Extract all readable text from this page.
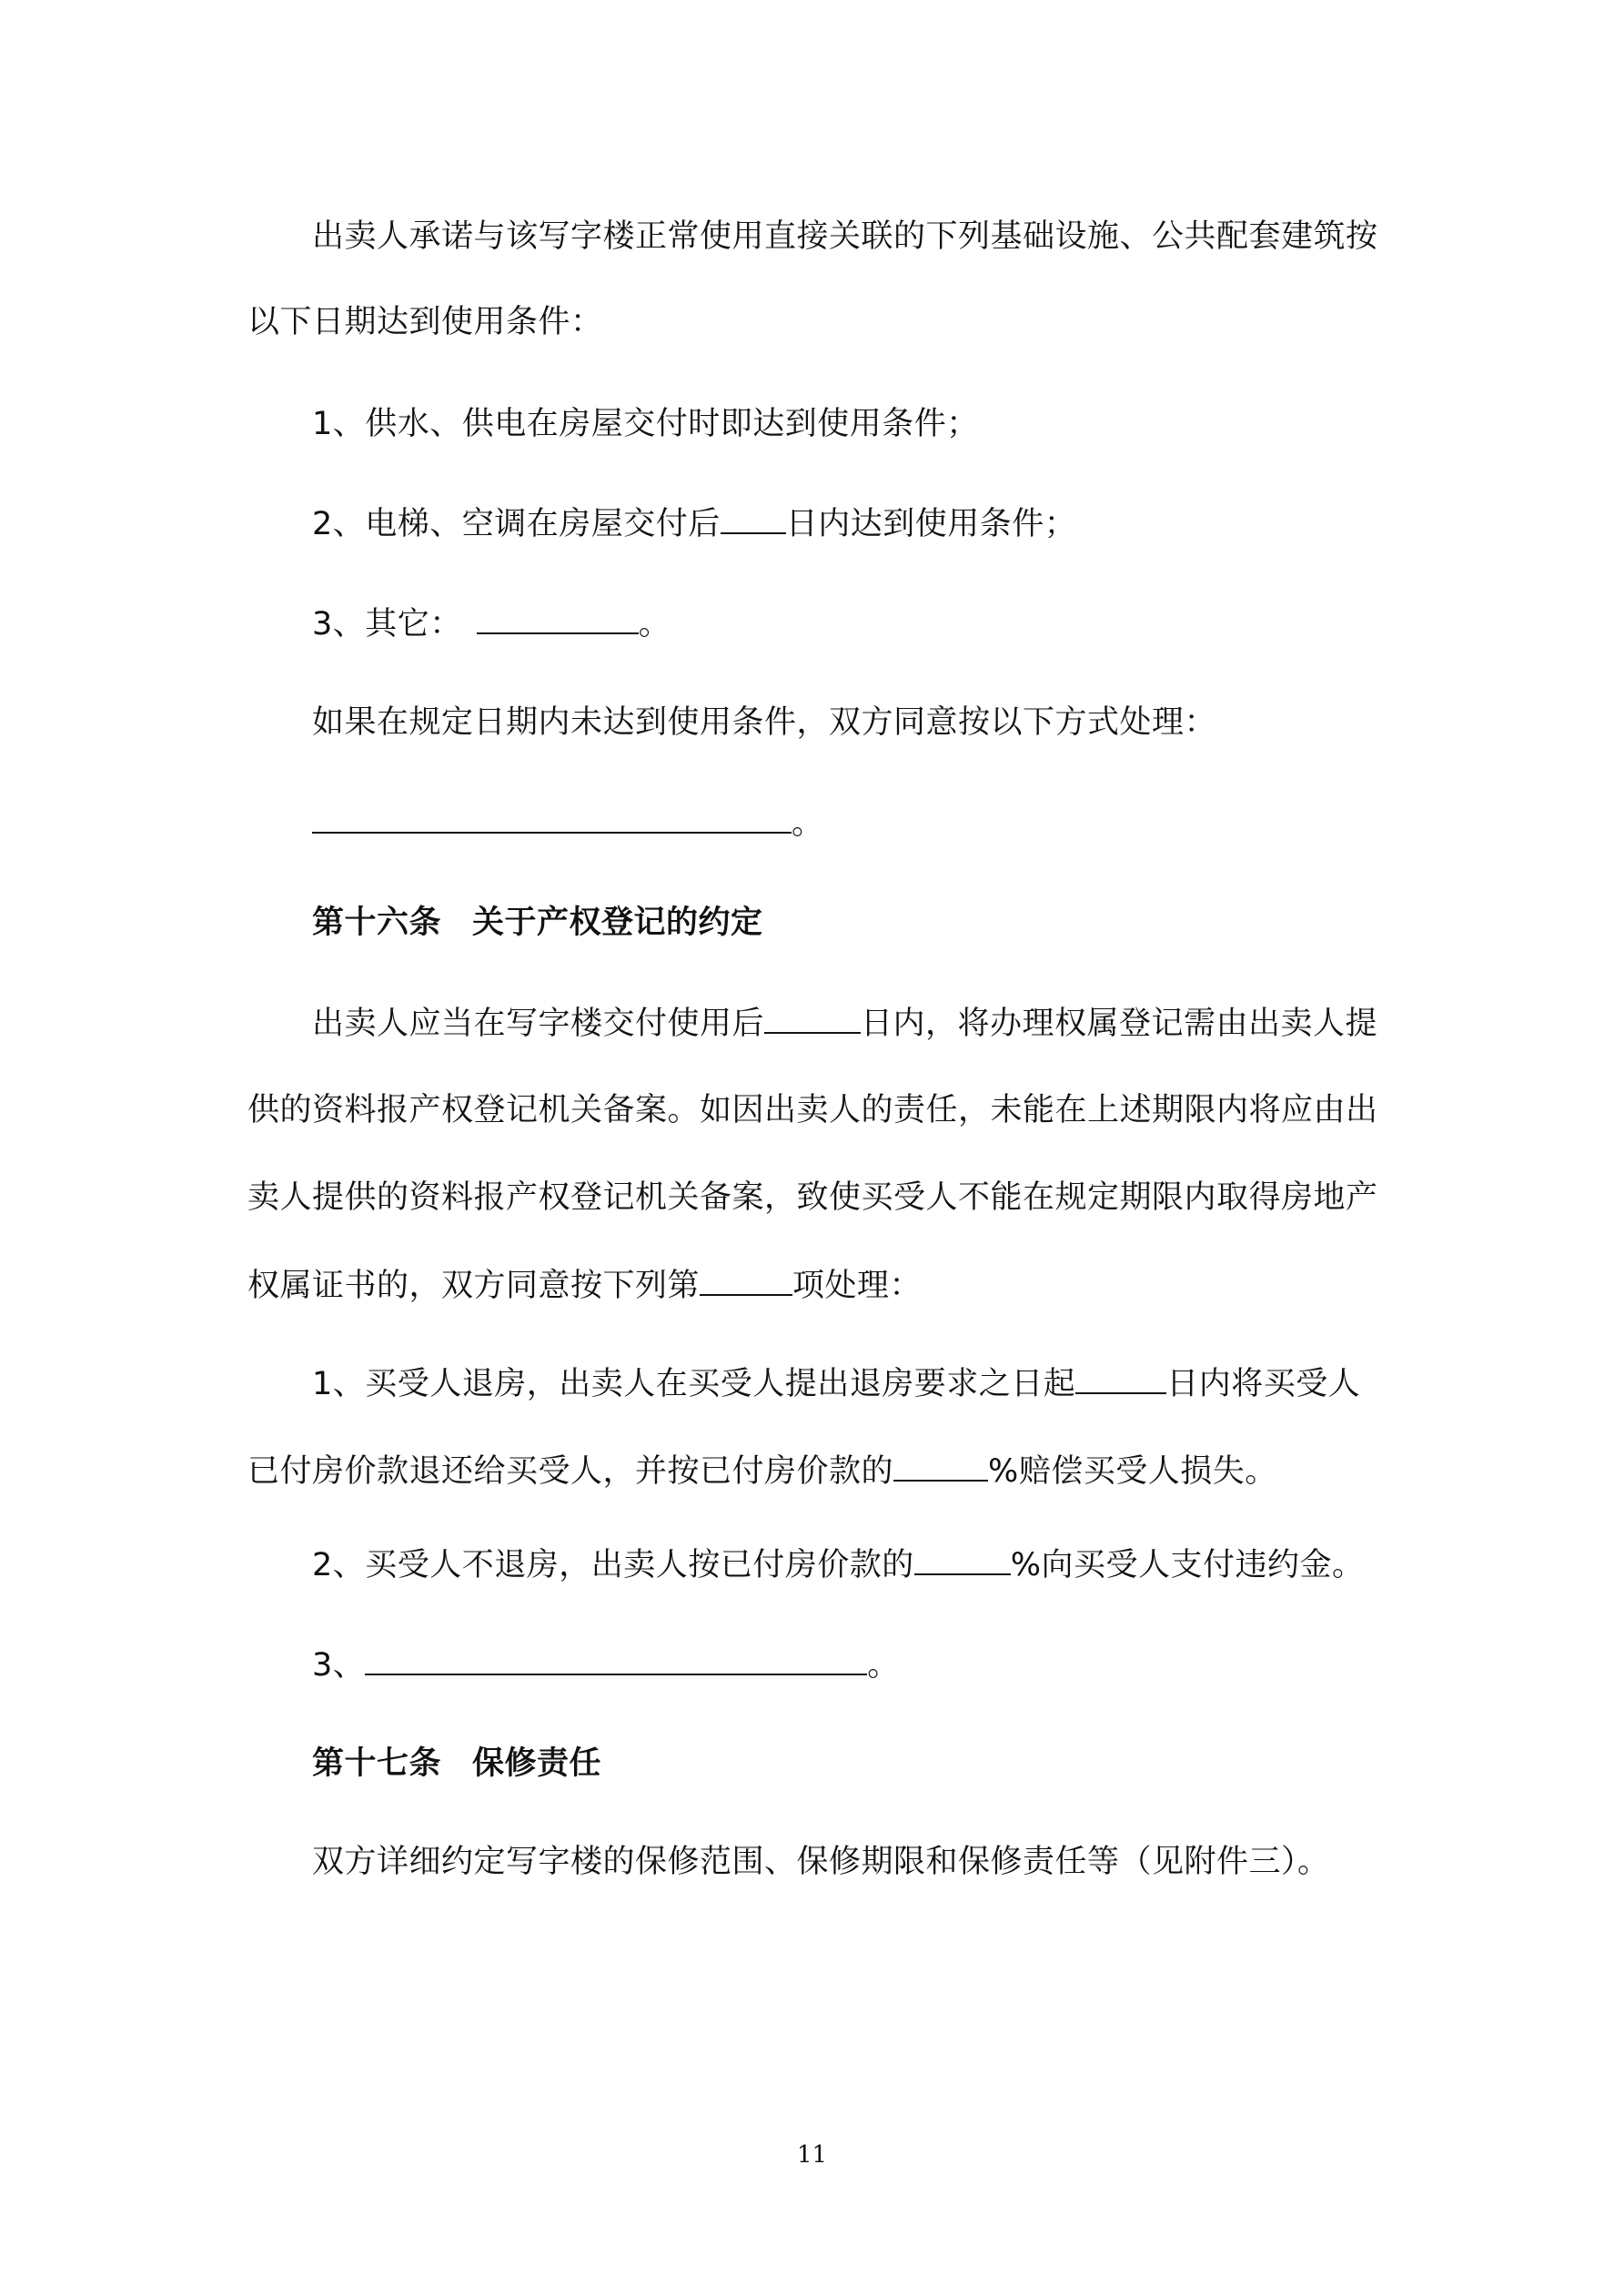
出卖人承诺与该写字楼正常使用直接关联的下列基础设施、公共配套建筑按
以下日期达到使用条件：
1、供水、供电在房屋交付时即达到使用条件；
2、电梯、空调在房屋交付后 日内达到使用条件；
3、其它：	。
如果在规定日期内未达到使用条件，双方同意按以下方式处理：
。
第十六条 关于产权登记的约定
出卖人应当在写字楼交付使用后	日内，将办理权属登记需由出卖人提
供的资料报产权登记机关备案。如因出卖人的责任，未能在上述期限内将应由出
卖人提供的资料报产权登记机关备案，致使买受人不能在规定期限内取得房地产
权属证书的，双方同意按下列第	项处理：
1、买受人退房，出卖人在买受人提出退房要求之日起	日内将买受人
已付房价款退还给买受人，并按已付房价款的	%赔偿买受人损失。
2、买受人不退房，出卖人按已付房价款的	%向买受人支付违约金。
3、	。
第十七条 保修责任
双方详细约定写字楼的保修范围、保修期限和保修责任等（见附件三）。
11
